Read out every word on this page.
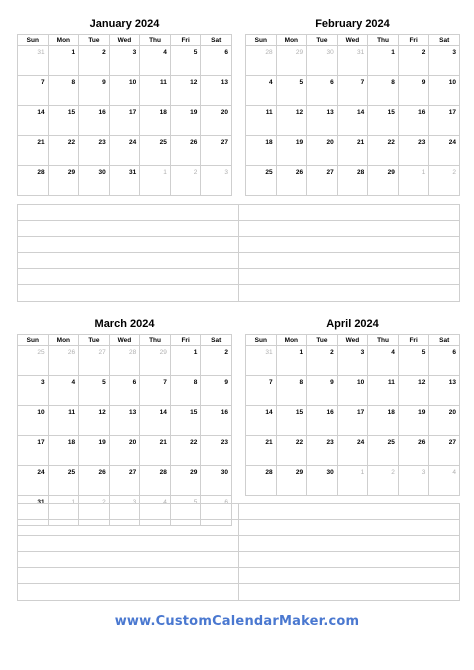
January 2024
Sun	Mon	Tue	Wed	Thu	Fri	Sat
31	1	2	3	4	5	6
7	8	9	10	11	12	13
14	15	16	17	18	19	20
21	22	23	24	25	26	27
28	29	30	31	1	2	3
February 2024
Sun	Mon	Tue	Wed	Thu	Fri	Sat
28	29	30	31	1	2	3
4	5	6	7	8	9	10
11	12	13	14	15	16	17
18	19	20	21	22	23	24
25	26	27	28	29	1	2
March 2024
Sun	Mon	Tue	Wed	Thu	Fri	Sat
25	26	27	28	29	1	2
3	4	5	6	7	8	9
10	11	12	13	14	15	16
17	18	19	20	21	22	23
24	25	26	27	28	29	30
31	1	2	3	4	5	6
April 2024
Sun	Mon	Tue	Wed	Thu	Fri	Sat
31	1	2	3	4	5	6
7	8	9	10	11	12	13
14	15	16	17	18	19	20
21	22	23	24	25	26	27
28	29	30	1	2	3	4
www.CustomCalendarMaker.com
